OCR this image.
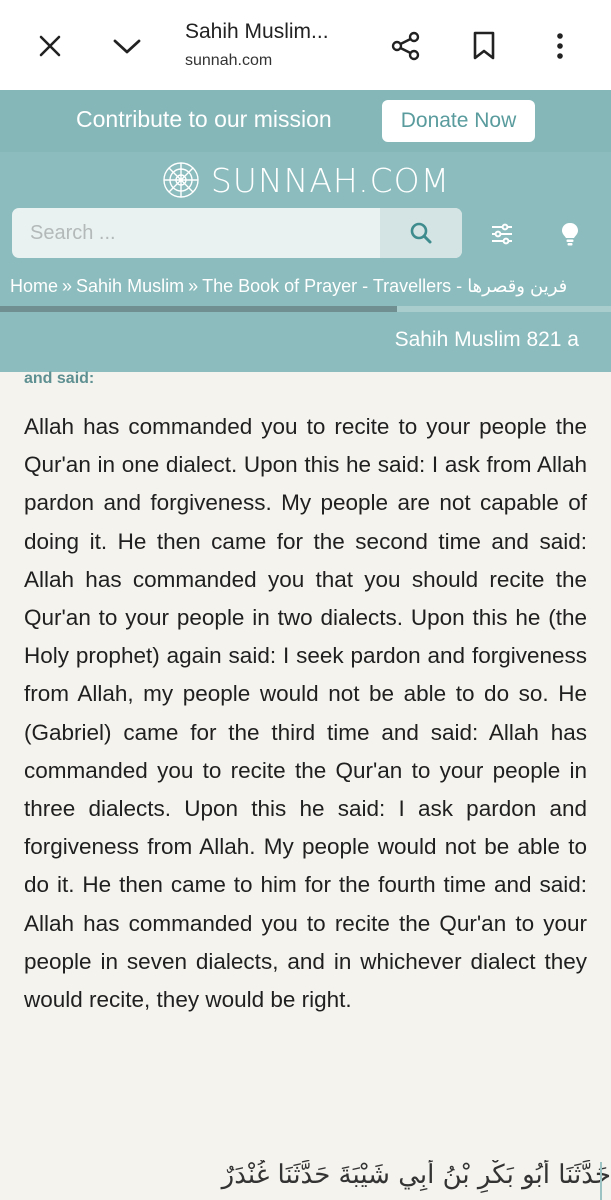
Sahih Muslim...
sunnah.com
Contribute to our mission	Donate Now
SUNNAH.COM
Search ...
Home » Sahih Muslim » The Book of Prayer - Travellers - فرين وقصرها
Sahih Muslim 821 a
and said:
Allah has commanded you to recite to your people the Qur'an in one dialect. Upon this he said: I ask from Allah pardon and forgiveness. My people are not capable of doing it. He then came for the second time and said: Allah has commanded you that you should recite the Qur'an to your people in two dialects. Upon this he (the Holy prophet) again said: I seek pardon and forgiveness from Allah, my people would not be able to do so. He (Gabriel) came for the third time and said: Allah has commanded you to recite the Qur'an to your people in three dialects. Upon this he said: I ask pardon and forgiveness from Allah. My people would not be able to do it. He then came to him for the fourth time and said: Allah has commanded you to recite the Qur'an to your people in seven dialects, and in whichever dialect they would recite, they would be right.
حَدَّثَنَا أَبُو بَكْرِ بْنُ أَبِي شَيْبَةَ حَدَّثَنَا غُنْدَرٌ
